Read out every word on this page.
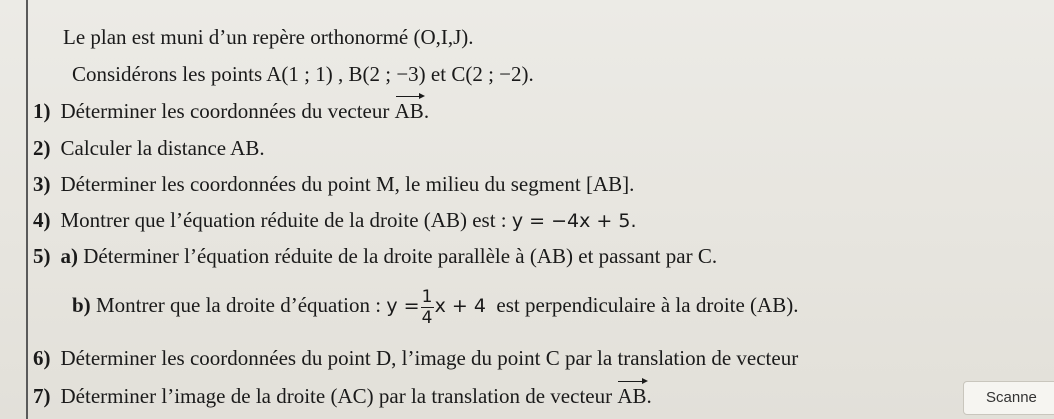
Le plan est muni d’un repère orthonormé (O,I,J).
Considérons les points A(1 ; 1) , B(2 ; −3) et C(2 ; −2).
1) Déterminer les coordonnées du vecteur AB.
2) Calculer la distance AB.
3) Déterminer les coordonnées du point M, le milieu du segment [AB].
4) Montrer que l’équation réduite de la droite (AB) est : y = −4x + 5.
5) a) Déterminer l’équation réduite de la droite parallèle à (AB) et passant par C.
b) Montrer que la droite d’équation : $y = \frac{1}{4}$ x + 4 est perpendiculaire à la droite (AB).
6) Déterminer les coordonnées du point D, l’image du point C par la translation de vecteur
7) Déterminer l’image de la droite (AC) par la translation de vecteur AB.	Scanne
